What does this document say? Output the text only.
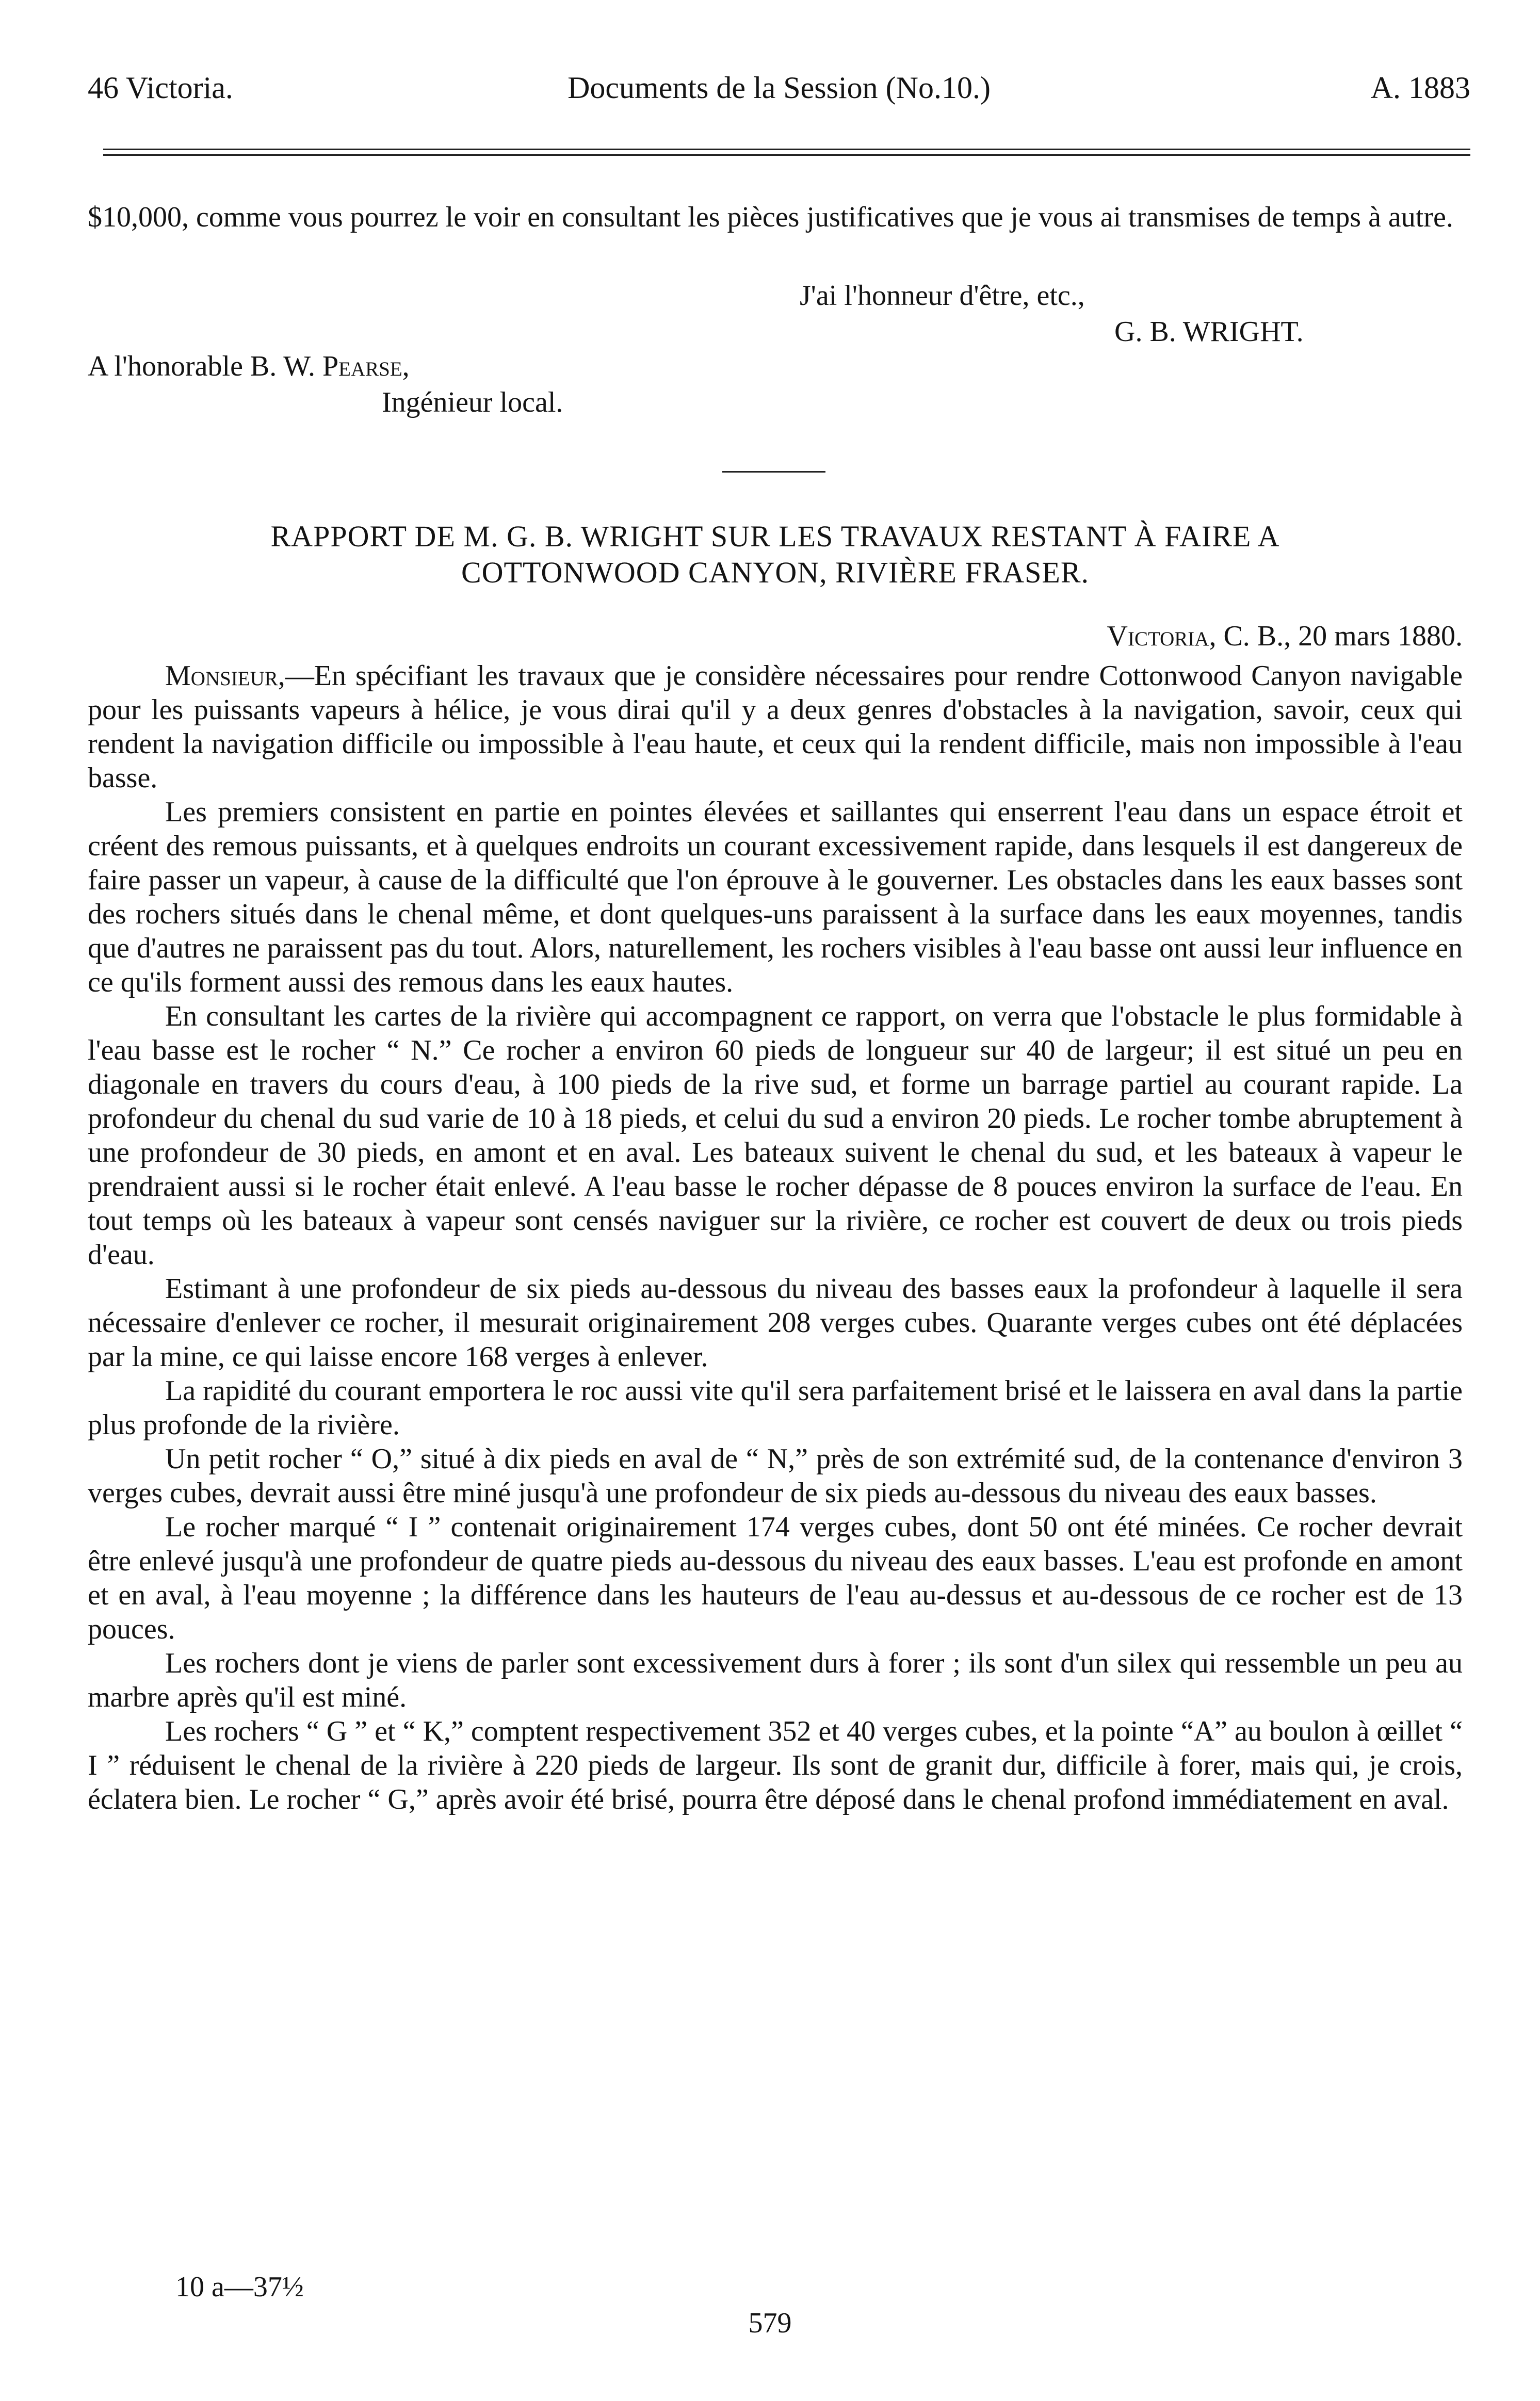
46 Victoria.	Documents de la Session (No.10.)	A. 1883
$10,000, comme vous pourrez le voir en consultant les pièces justificatives que je vous ai transmises de temps à autre.
J'ai l'honneur d'être, etc.,
G. B. WRIGHT.
A l'honorable B. W. Pearse,
Ingénieur local.
RAPPORT DE M. G. B. WRIGHT SUR LES TRAVAUX RESTANT À FAIRE A
COTTONWOOD CANYON, RIVIÈRE FRASER.
Victoria, C. B., 20 mars 1880.

Monsieur,—En spécifiant les travaux que je considère nécessaires pour rendre Cottonwood Canyon navigable pour les puissants vapeurs à hélice, je vous dirai qu'il y a deux genres d'obstacles à la navigation, savoir, ceux qui rendent la navigation difficile ou impossible à l'eau haute, et ceux qui la rendent difficile, mais non impossible à l'eau basse.

Les premiers consistent en partie en pointes élevées et saillantes qui enserrent l'eau dans un espace étroit et créent des remous puissants, et à quelques endroits un courant excessivement rapide, dans lesquels il est dangereux de faire passer un vapeur, à cause de la difficulté que l'on éprouve à le gouverner. Les obstacles dans les eaux basses sont des rochers situés dans le chenal même, et dont quelques-uns paraissent à la surface dans les eaux moyennes, tandis que d'autres ne paraissent pas du tout. Alors, naturellement, les rochers visibles à l'eau basse ont aussi leur influence en ce qu'ils forment aussi des remous dans les eaux hautes.

En consultant les cartes de la rivière qui accompagnent ce rapport, on verra que l'obstacle le plus formidable à l'eau basse est le rocher “ N.” Ce rocher a environ 60 pieds de longueur sur 40 de largeur; il est situé un peu en diagonale en travers du cours d'eau, à 100 pieds de la rive sud, et forme un barrage partiel au courant rapide. La profondeur du chenal du sud varie de 10 à 18 pieds, et celui du sud a environ 20 pieds. Le rocher tombe abruptement à une profondeur de 30 pieds, en amont et en aval. Les bateaux suivent le chenal du sud, et les bateaux à vapeur le prendraient aussi si le rocher était enlevé. A l'eau basse le rocher dépasse de 8 pouces environ la surface de l'eau. En tout temps où les bateaux à vapeur sont censés naviguer sur la rivière, ce rocher est couvert de deux ou trois pieds d'eau.

Estimant à une profondeur de six pieds au-dessous du niveau des basses eaux la profondeur à laquelle il sera nécessaire d'enlever ce rocher, il mesurait originairement 208 verges cubes. Quarante verges cubes ont été déplacées par la mine, ce qui laisse encore 168 verges à enlever.

La rapidité du courant emportera le roc aussi vite qu'il sera parfaitement brisé et le laissera en aval dans la partie plus profonde de la rivière.

Un petit rocher “ O,” situé à dix pieds en aval de “ N,” près de son extrémité sud, de la contenance d'environ 3 verges cubes, devrait aussi être miné jusqu'à une profondeur de six pieds au-dessous du niveau des eaux basses.

Le rocher marqué “ I ” contenait originairement 174 verges cubes, dont 50 ont été minées. Ce rocher devrait être enlevé jusqu'à une profondeur de quatre pieds au-dessous du niveau des eaux basses. L'eau est profonde en amont et en aval, à l'eau moyenne ; la différence dans les hauteurs de l'eau au-dessus et au-dessous de ce rocher est de 13 pouces.

Les rochers dont je viens de parler sont excessivement durs à forer ; ils sont d'un silex qui ressemble un peu au marbre après qu'il est miné.

Les rochers “ G ” et “ K,” comptent respectivement 352 et 40 verges cubes, et la pointe “A” au boulon à œillet “ I ” réduisent le chenal de la rivière à 220 pieds de largeur. Ils sont de granit dur, difficile à forer, mais qui, je crois, éclatera bien. Le rocher “ G,” après avoir été brisé, pourra être déposé dans le chenal profond immédiatement en aval.

10 a—37½
579
